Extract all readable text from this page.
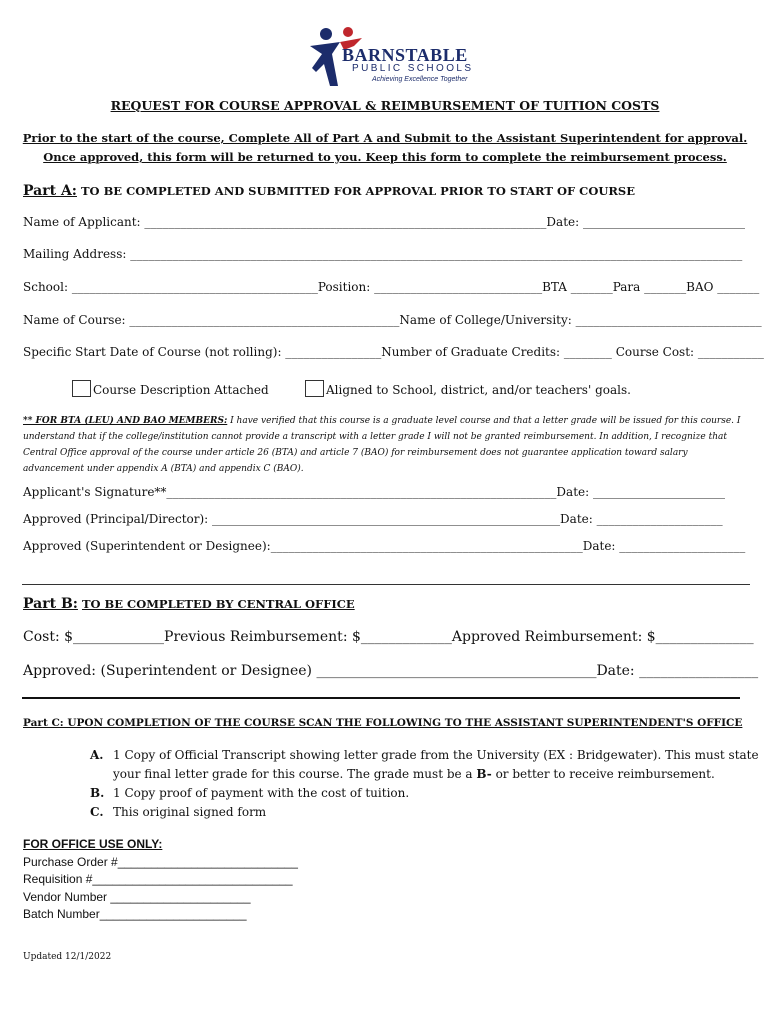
BARNSTABLE
PUBLIC SCHOOLS
Achieving Excellence Together
REQUEST FOR COURSE APPROVAL & REIMBURSEMENT OF TUITION COSTS
Prior to the start of the course, Complete All of Part A and Submit to the Assistant Superintendent for approval.
Once approved, this form will be returned to you. Keep this form to complete the reimbursement process.
Part A: TO BE COMPLETED AND SUBMITTED FOR APPROVAL PRIOR TO START OF COURSE
Name of Applicant: ___________________________________________________________________Date: ___________________________
Mailing Address: ______________________________________________________________________________________________________
School: _________________________________________Position: ____________________________BTA _______Para _______BAO _______
Name of Course: _____________________________________________Name of College/University: _______________________________
Specific Start Date of Course (not rolling): ________________Number of Graduate Credits: ________ Course Cost: ___________
Course Description Attached	Aligned to School, district, and/or teachers' goals.
** FOR BTA (LEU) AND BAO MEMBERS: I have verified that this course is a graduate level course and that a letter grade will be issued for this course. I understand that if the college/institution cannot provide a transcript with a letter grade I will not be granted reimbursement. In addition, I recognize that Central Office approval of the course under article 26 (BTA) and article 7 (BAO) for reimbursement does not guarantee application toward salary advancement under appendix A (BTA) and appendix C (BAO).
Applicant's Signature**_________________________________________________________________Date: ______________________
Approved (Principal/Director): __________________________________________________________Date: _____________________
Approved (Superintendent or Designee):____________________________________________________Date: _____________________
Part B: TO BE COMPLETED BY CENTRAL OFFICE
Cost: $_____________Previous Reimbursement: $_____________Approved Reimbursement: $______________
Approved: (Superintendent or Designee) ________________________________________Date: _________________
Part C: UPON COMPLETION OF THE COURSE SCAN THE FOLLOWING TO THE ASSISTANT SUPERINTENDENT'S OFFICE
A. 1 Copy of Official Transcript showing letter grade from the University (EX : Bridgewater). This must state
your final letter grade for this course. The grade must be a B- or better to receive reimbursement.
B. 1 Copy proof of payment with the cost of tuition.
C. This original signed form
FOR OFFICE USE ONLY:
Purchase Order #___________________________
Requisition #______________________________
Vendor Number _____________________
Batch Number______________________
Updated 12/1/2022
